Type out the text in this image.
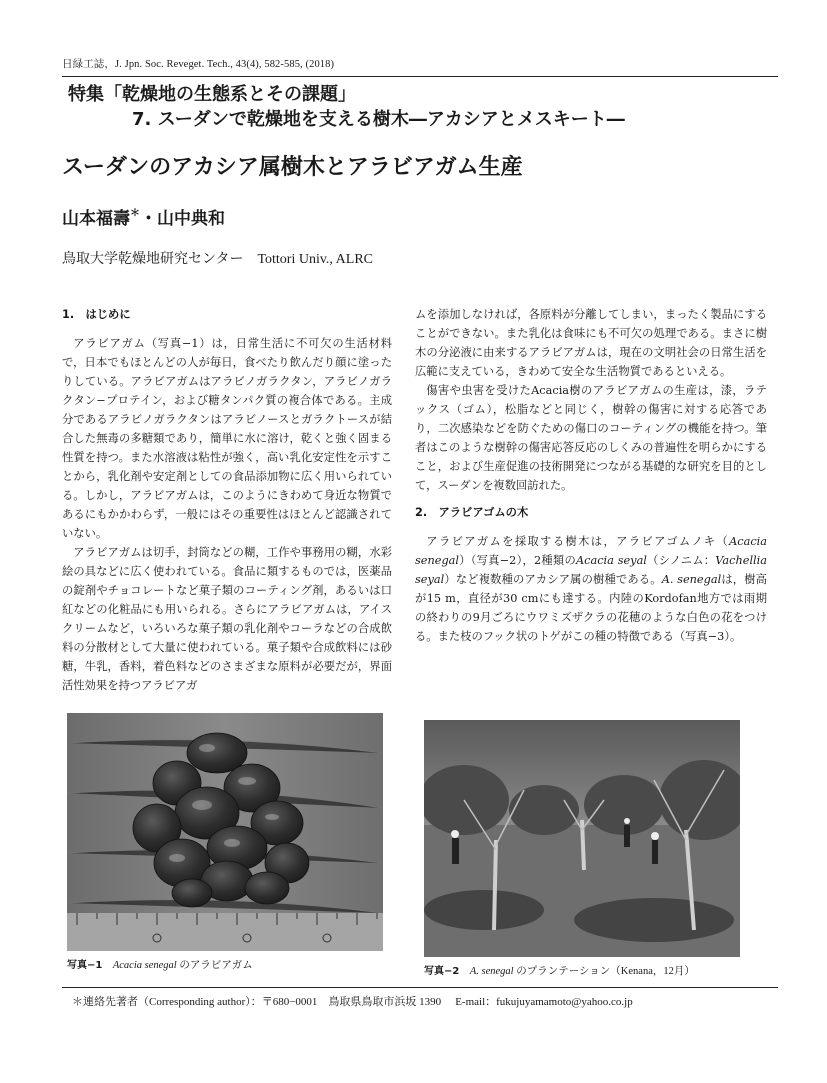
日緑工誌，J. Jpn. Soc. Reveget. Tech., 43(4), 582-585, (2018)
特集「乾燥地の生態系とその課題」
7. スーダンで乾燥地を支える樹木―アカシアとメスキート―
スーダンのアカシア属樹木とアラビアガム生産
山本福壽＊・山中典和
鳥取大学乾燥地研究センター　Tottori Univ., ALRC
1.　はじめに

アラビアガム（写真−1）は，日常生活に不可欠の生活材料で，日本でもほとんどの人が毎日，食べたり飲んだり顔に塗ったりしている。アラビアガムはアラビノガラクタン，アラビノガラクタン−プロテイン，および糖タンパク質の複合体である。主成分であるアラビノガラクタンはアラビノースとガラクトースが結合した無毒の多糖類であり，簡単に水に溶け，乾くと強く固まる性質を持つ。また水溶液は粘性が強く，高い乳化安定性を示すことから，乳化剤や安定剤としての食品添加物に広く用いられている。しかし，アラビアガムは，このようにきわめて身近な物質であるにもかかわらず，一般にはその重要性はほとんど認識されていない。

アラビアガムは切手，封筒などの糊，工作や事務用の糊，水彩絵の具などに広く使われている。食品に類するものでは，医薬品の錠剤やチョコレートなど菓子類のコーティング剤，あるいは口紅などの化粧品にも用いられる。さらにアラビアガムは，アイスクリームなど，いろいろな菓子類の乳化剤やコーラなどの合成飲料の分散材として大量に使われている。菓子類や合成飲料には砂糖，牛乳，香料，着色料などのさまざまな原料が必要だが，界面活性効果を持つアラビアガ

ムを添加しなければ，各原料が分離してしまい，まったく製品にすることができない。また乳化は食味にも不可欠の処理である。まさに樹木の分泌液に由来するアラビアガムは，現在の文明社会の日常生活を広範に支えている，きわめて安全な生活物質であるといえる。

傷害や虫害を受けたAcacia樹のアラビアガムの生産は，漆，ラテックス（ゴム），松脂などと同じく，樹幹の傷害に対する応答であり，二次感染などを防ぐための傷口のコーティングの機能を持つ。筆者はこのような樹幹の傷害応答反応のしくみの普遍性を明らかにすること，および生産促進の技術開発につながる基礎的な研究を目的として，スーダンを複数回訪れた。

2.　アラビアゴムの木

アラビアガムを採取する樹木は，アラビアゴムノキ（Acacia senegal）（写真−2），2種類のAcacia seyal（シノニム：Vachellia　seyal）など複数種のアカシア属の樹種である。A. senegalは，樹高が15 m，直径が30 cmにも達する。内陸のKordofan地方では雨期の終わりの9月ごろにウワミズザクラの花穂のような白色の花をつける。また枝のフック状のトゲがこの種の特徴である（写真−3）。

写真−1　 Acacia senegal のアラビアガム
写真−2　 A. senegal のプランテーション（Kenana，12月）
＊連絡先著者（Corresponding author）：〒680−0001　鳥取県鳥取市浜坂 1390 E-mail：fukujuyamamoto@yahoo.co.jp
